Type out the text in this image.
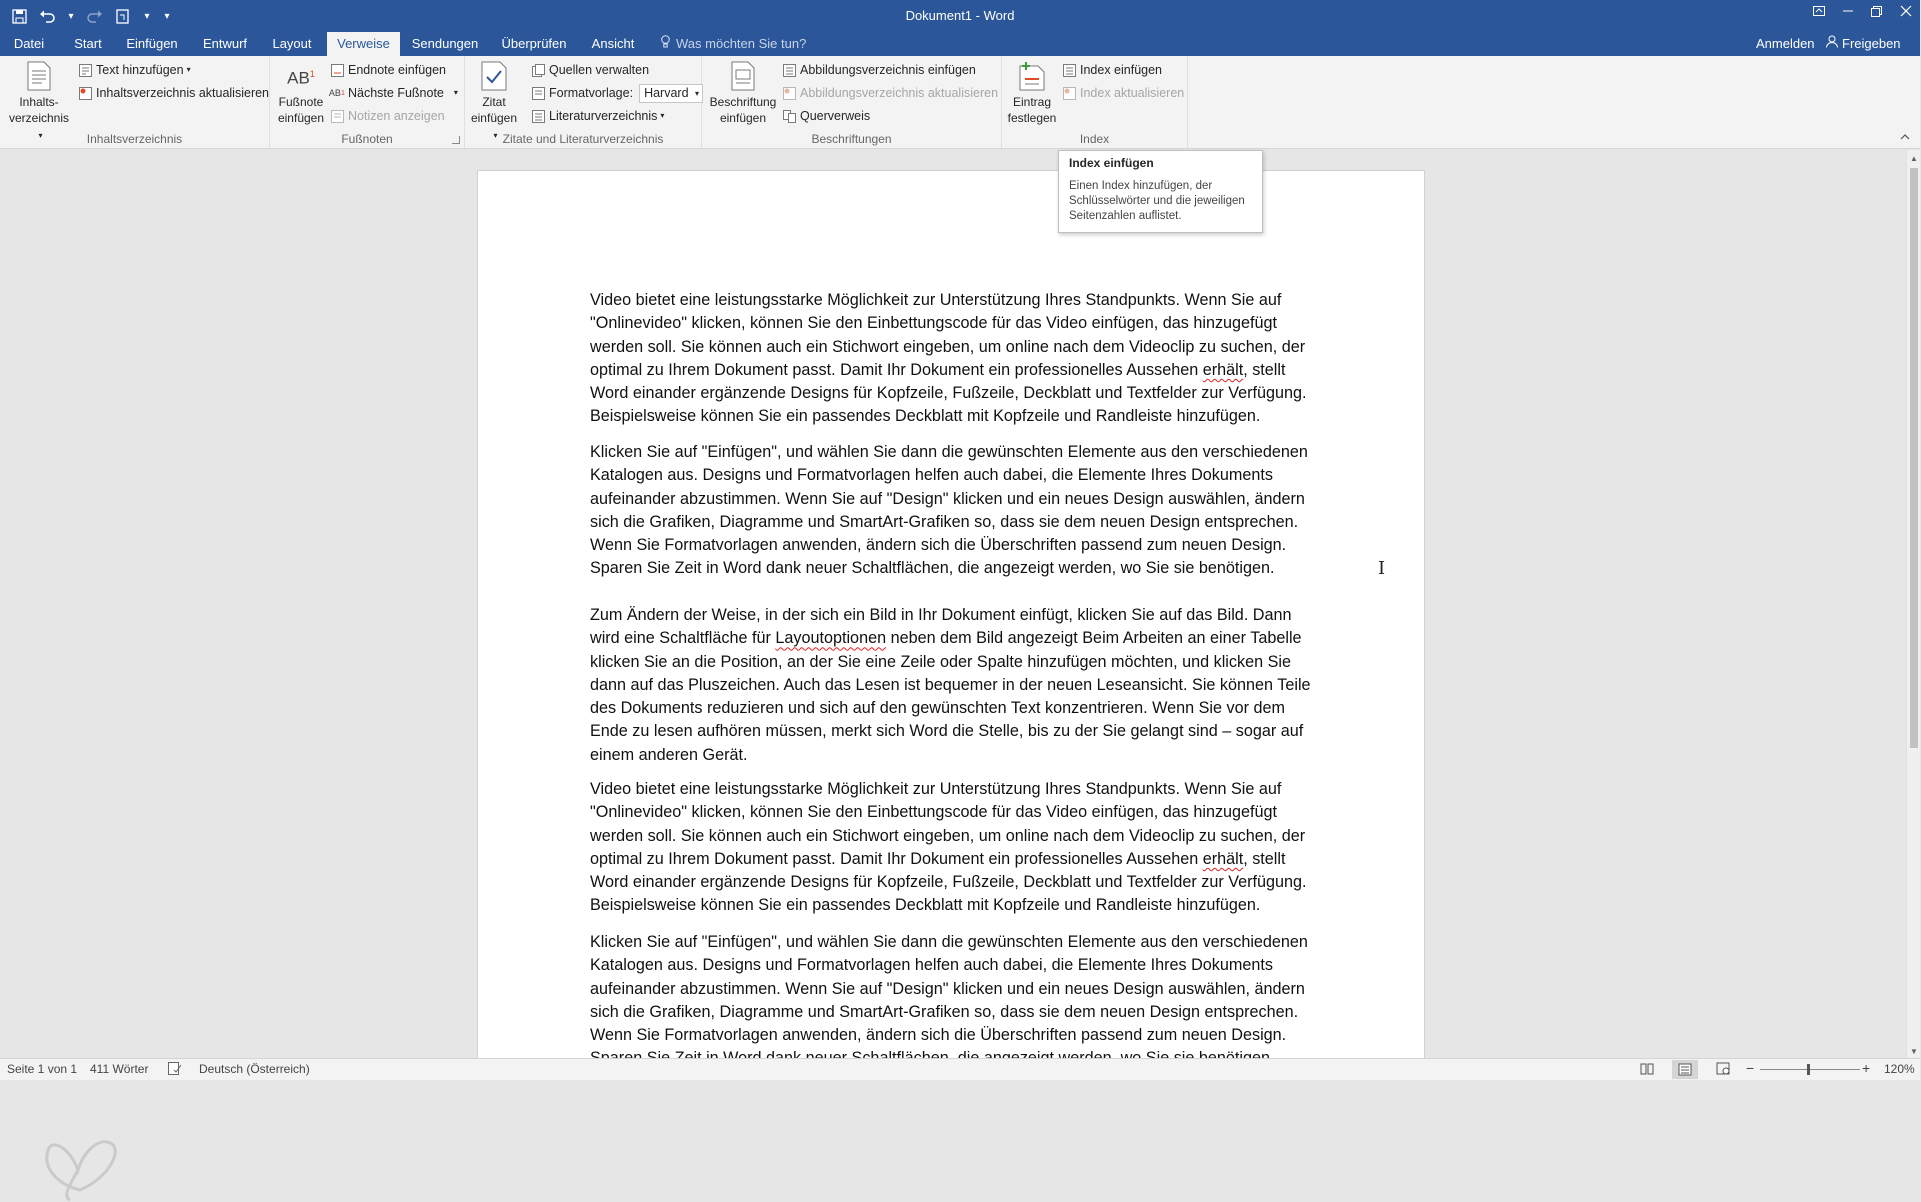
▾	▾	▾	Dokument1 - Word
Datei	Start	Einfügen	Entwurf	Layout	Verweise	Sendungen	Überprüfen	Ansicht	Was möchten Sie tun?	Anmelden	Freigeben
Inhalts-
verzeichnis ▾
Text hinzufügen ▾
Inhaltsverzeichnis aktualisieren
Inhaltsverzeichnis
$AB^1$
Fußnote
einfügen
Endnote einfügen
AB 1 Nächste Fußnote ▾
Notizen anzeigen
Fußnoten
Zitat
einfügen ▾
Quellen verwalten
Formatvorlage: Harvard ▾
Literaturverzeichnis ▾
Zitate und Literaturverzeichnis
Beschriftung
einfügen
Abbildungsverzeichnis einfügen
Abbildungsverzeichnis aktualisieren
Querverweis
Beschriftungen
Eintrag
festlegen
Index einfügen
Index aktualisieren
Index
Index einfügen
Einen Index hinzufügen, der Schlüsselwörter und die jeweiligen Seitenzahlen auflistet.

Video bietet eine leistungsstarke Möglichkeit zur Unterstützung Ihres Standpunkts. Wenn Sie auf "Onlinevideo" klicken, können Sie den Einbettungscode für das Video einfügen, das hinzugefügt werden soll. Sie können auch ein Stichwort eingeben, um online nach dem Videoclip zu suchen, der optimal zu Ihrem Dokument passt. Damit Ihr Dokument ein professionelles Aussehen erhält, stellt Word einander ergänzende Designs für Kopfzeile, Fußzeile, Deckblatt und Textfelder zur Verfügung. Beispielsweise können Sie ein passendes Deckblatt mit Kopfzeile und Randleiste hinzufügen.

Klicken Sie auf "Einfügen", und wählen Sie dann die gewünschten Elemente aus den verschiedenen Katalogen aus. Designs und Formatvorlagen helfen auch dabei, die Elemente Ihres Dokuments aufeinander abzustimmen. Wenn Sie auf "Design" klicken und ein neues Design auswählen, ändern sich die Grafiken, Diagramme und SmartArt-Grafiken so, dass sie dem neuen Design entsprechen. Wenn Sie Formatvorlagen anwenden, ändern sich die Überschriften passend zum neuen Design. Sparen Sie Zeit in Word dank neuer Schaltflächen, die angezeigt werden, wo Sie sie benötigen.

Zum Ändern der Weise, in der sich ein Bild in Ihr Dokument einfügt, klicken Sie auf das Bild. Dann wird eine Schaltfläche für Layoutoptionen neben dem Bild angezeigt Beim Arbeiten an einer Tabelle klicken Sie an die Position, an der Sie eine Zeile oder Spalte hinzufügen möchten, und klicken Sie dann auf das Pluszeichen. Auch das Lesen ist bequemer in der neuen Leseansicht. Sie können Teile des Dokuments reduzieren und sich auf den gewünschten Text konzentrieren. Wenn Sie vor dem Ende zu lesen aufhören müssen, merkt sich Word die Stelle, bis zu der Sie gelangt sind – sogar auf einem anderen Gerät.

Video bietet eine leistungsstarke Möglichkeit zur Unterstützung Ihres Standpunkts. Wenn Sie auf "Onlinevideo" klicken, können Sie den Einbettungscode für das Video einfügen, das hinzugefügt werden soll. Sie können auch ein Stichwort eingeben, um online nach dem Videoclip zu suchen, der optimal zu Ihrem Dokument passt. Damit Ihr Dokument ein professionelles Aussehen erhält, stellt Word einander ergänzende Designs für Kopfzeile, Fußzeile, Deckblatt und Textfelder zur Verfügung. Beispielsweise können Sie ein passendes Deckblatt mit Kopfzeile und Randleiste hinzufügen.

Klicken Sie auf "Einfügen", und wählen Sie dann die gewünschten Elemente aus den verschiedenen Katalogen aus. Designs und Formatvorlagen helfen auch dabei, die Elemente Ihres Dokuments aufeinander abzustimmen. Wenn Sie auf "Design" klicken und ein neues Design auswählen, ändern sich die Grafiken, Diagramme und SmartArt-Grafiken so, dass sie dem neuen Design entsprechen. Wenn Sie Formatvorlagen anwenden, ändern sich die Überschriften passend zum neuen Design.

I
▲
▼
Seite 1 von 1 411 Wörter	Deutsch (Österreich)	−	+ 120%
